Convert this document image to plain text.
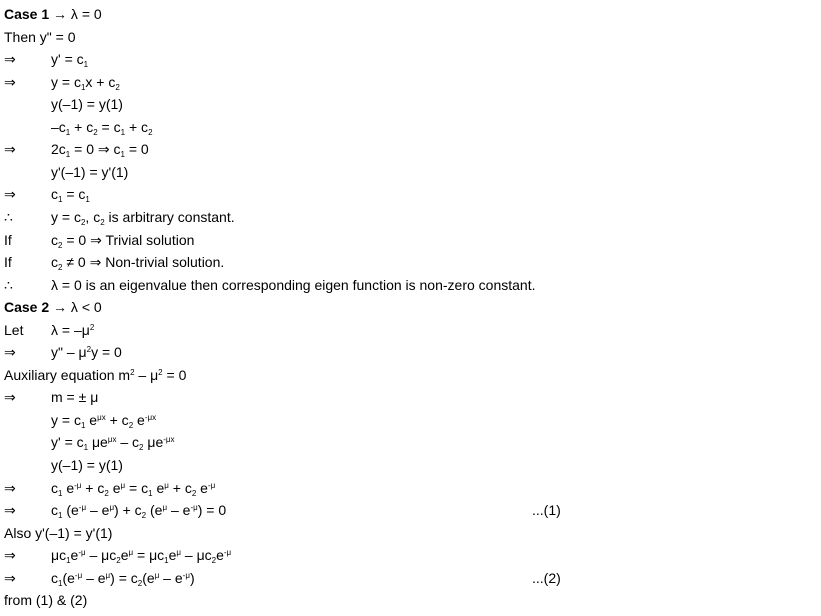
Case 1 → λ = 0
Then y" = 0
⇒	$y' = c_1$
⇒	$y = c_1x + c_2$
y(–1) = y(1)
$-c_1 + c_2 = c_1 + c_2$
⇒	$2c_1 = 0$ ⇒ $c_1 = 0$
y'(–1) = y'(1)
⇒	$c_1 = c_1$
∴	$y = c_2$, $c_2$ is arbitrary constant.
If	$c_2 = 0$ ⇒ Trivial solution
If	$c_2 \ne 0$ ⇒ Non-trivial solution.
∴	λ = 0 is an eigenvalue then corresponding eigen function is non-zero constant.
Case 2 → λ < 0
Let $\lambda = -\mu^2$
⇒	y" – $\mu^2y = 0$
Auxiliary equation $m^2 - \mu^2 = 0$
⇒	m = ± μ
$y = c_1$ $e^{\mu x} + c_2$ $e^{-\mu x}$
$y' = c_1$ $\mu e^{\mu x} - c_2$ $\mu e^{-\mu x}$
y(–1) = y(1)
⇒	$c_1$ $e^{-\mu} + c_2$ $e^\mu = c_1$ $e^\mu + c_2$ $e^{-\mu}$
⇒	$c_1$ $(e^{-\mu} - e^\mu) + c_2$ $(e^\mu - e^{-\mu}) = 0$	...(1)
Also y'(–1) = y'(1)
⇒	$\mu c_1e^{-\mu} - \mu c_2e^\mu = \mu c_1e^\mu - \mu c_2e^{-\mu}$
⇒	$c_1(e^{-\mu} - e^\mu) = c_2(e^\mu - e^{-\mu})$	...(2)
from (1) & (2)
